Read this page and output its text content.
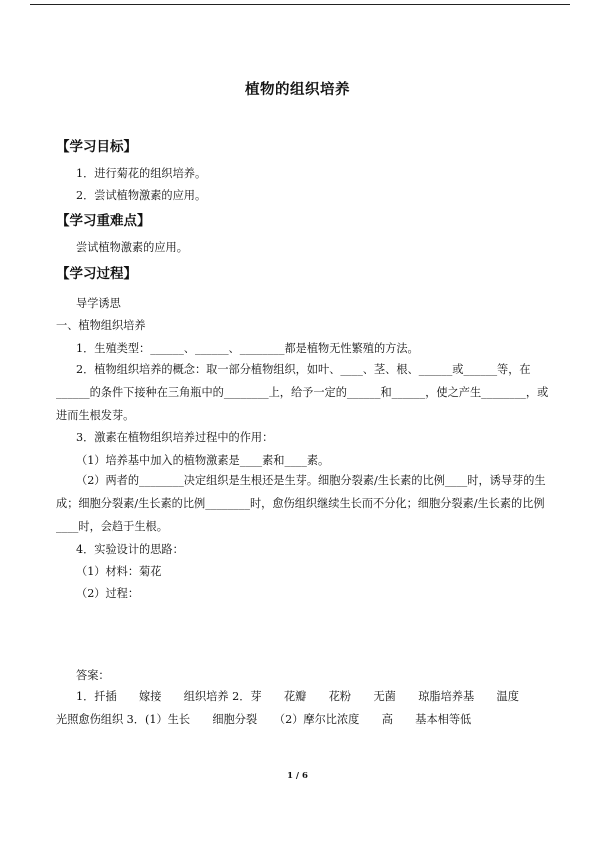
植物的组织培养
【学习目标】
1．进行菊花的组织培养。
2．尝试植物激素的应用。
【学习重难点】
尝试植物激素的应用。
【学习过程】
导学诱思
一、植物组织培养
1．生殖类型：______、______、________都是植物无性繁殖的方法。
2．植物组织培养的概念：取一部分植物组织，如叶、____、茎、根、______或______等，在______的条件下接种在三角瓶中的________上，给予一定的______和______，使之产生________，或进而生根发芽。
3．激素在植物组织培养过程中的作用：
（1）培养基中加入的植物激素是____素和____素。
（2）两者的________决定组织是生根还是生芽。细胞分裂素/生长素的比例____时，诱导芽的生成；细胞分裂素/生长素的比例________时，愈伤组织继续生长而不分化；细胞分裂素/生长素的比例____时，会趋于生根。
4．实验设计的思路：
（1）材料：菊花
（2）过程：
答案：
1．扦插　　嫁接　　组织培养 2．芽　　花瓣　　花粉　　无菌　　琼脂培养基　　温度　　光照愈伤组织 3．(1）生长　　细胞分裂　　（2）摩尔比浓度　　高　　基本相等低
1 / 6
